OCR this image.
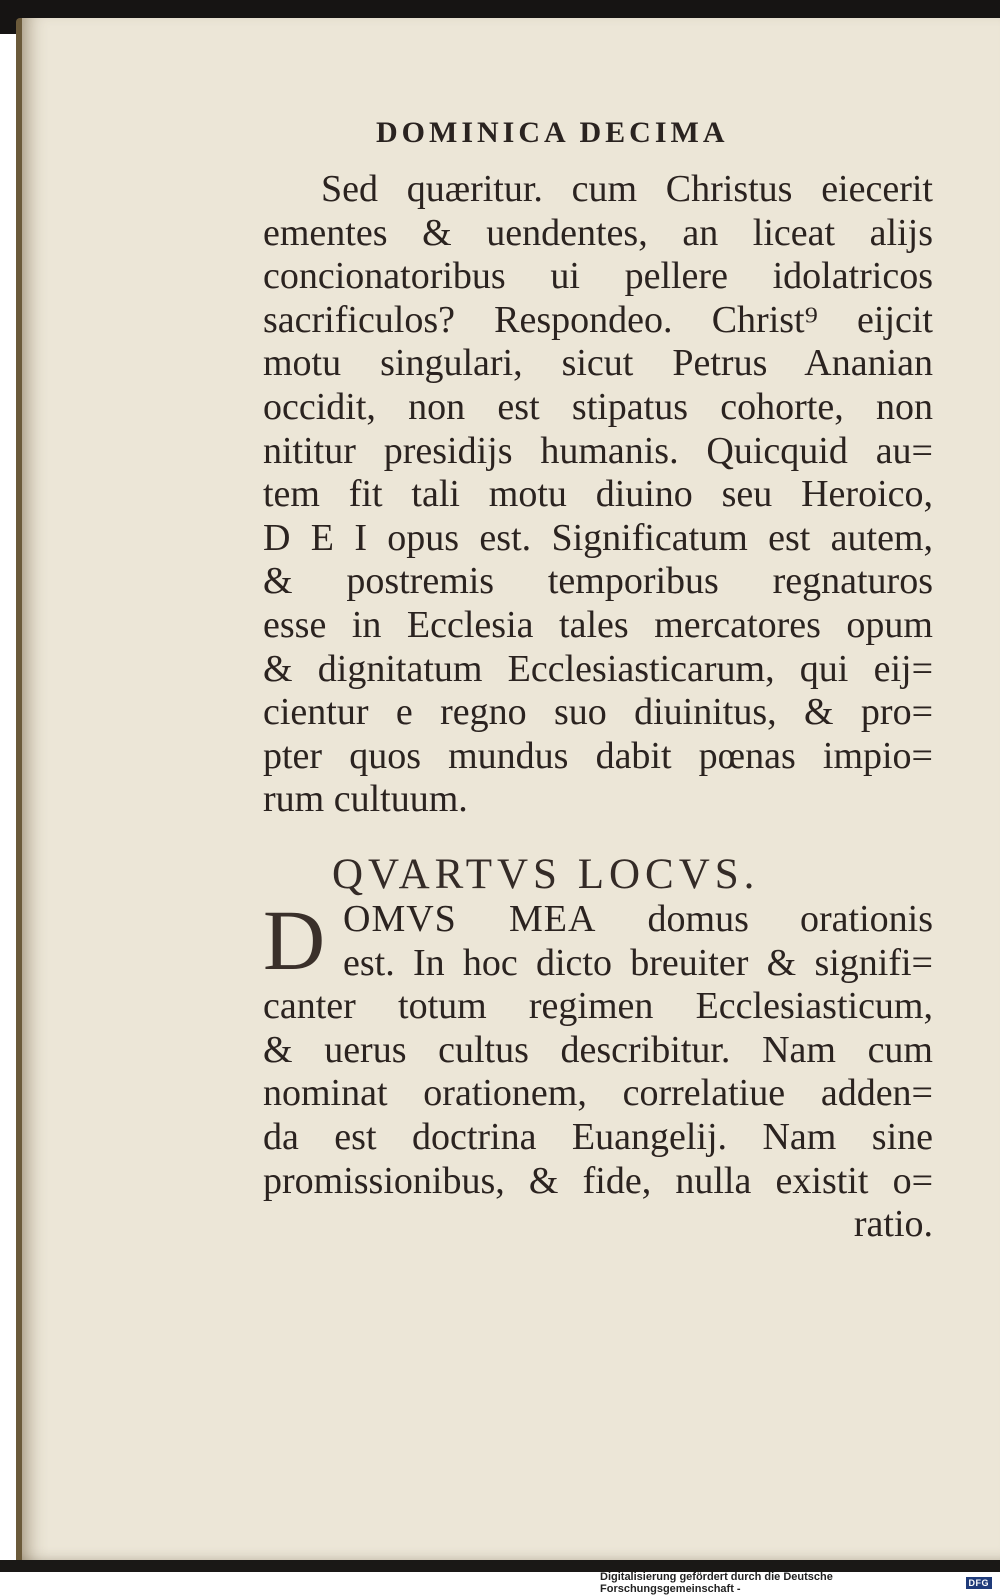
DOMINICA DECIMA
Sed quæritur. cum Christus eiecerit
ementes & uendentes, an liceat alijs
concionatoribus ui pellere idolatricos
sacrificulos? Respondeo. Christ⁹ eijcit
motu singulari, sicut Petrus Ananian
occidit, non est stipatus cohorte, non
nititur presidijs humanis. Quicquid au=
tem fit tali motu diuino seu Heroico,
D E I opus est. Significatum est autem,
& postremis temporibus regnaturos
esse in Ecclesia tales mercatores opum
& dignitatum Ecclesiasticarum, qui eij=
cientur e regno suo diuinitus, & pro=
pter quos mundus dabit pœnas impio=
rum cultuum.
QVARTVS LOCVS.
D OMVS MEA domus orationis
est. In hoc dicto breuiter & signifi=
canter totum regimen Ecclesiasticum,
& uerus cultus describitur. Nam cum
nominat orationem, correlatiue adden=
da est doctrina Euangelij. Nam sine
promissionibus, & fide, nulla existit o=
ratio.
Digitalisierung gefördert durch die Deutsche Forschungsgemeinschaft -	DFG
